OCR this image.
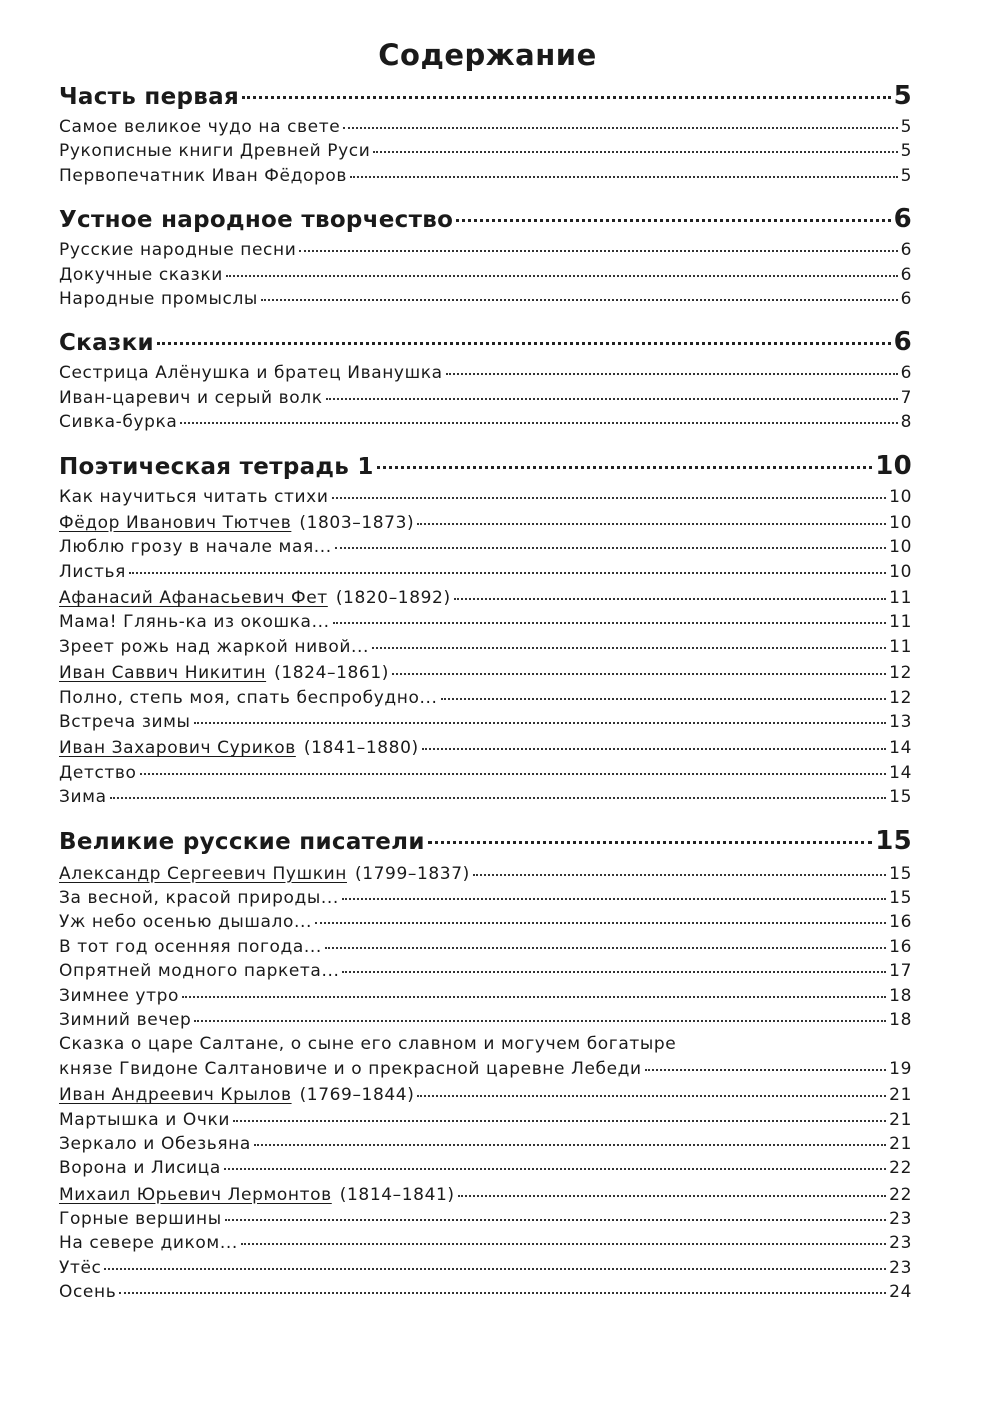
Содержание
Часть первая	5
Самое великое чудо на свете	5
Рукописные книги Древней Руси	5
Первопечатник Иван Фёдоров	5
Устное народное творчество	6
Русские народные песни	6
Докучные сказки	6
Народные промыслы	6
Сказки	6
Сестрица Алёнушка и братец Иванушка	6
Иван-царевич и серый волк	7
Сивка-бурка	8
Поэтическая тетрадь 1	10
Как научиться читать стихи	10
Фёдор Иванович Тютчев (1803–1873)	10
Люблю грозу в начале мая...	10
Листья	10
Афанасий Афанасьевич Фет (1820–1892)	11
Мама! Глянь-ка из окошка...	11
Зреет рожь над жаркой нивой...	11
Иван Саввич Никитин (1824–1861)	12
Полно, степь моя, спать беспробудно...	12
Встреча зимы	13
Иван Захарович Суриков (1841–1880)	14
Детство	14
Зима	15
Великие русские писатели	15
Александр Сергеевич Пушкин (1799–1837)	15
За весной, красой природы...	15
Уж небо осенью дышало...	16
В тот год осенняя погода...	16
Опрятней модного паркета...	17
Зимнее утро	18
Зимний вечер	18
Сказка о царе Салтане, о сыне его славном и могучем богатыре
князе Гвидоне Салтановиче и о прекрасной царевне Лебеди	19
Иван Андреевич Крылов (1769–1844)	21
Мартышка и Очки	21
Зеркало и Обезьяна	21
Ворона и Лисица	22
Михаил Юрьевич Лермонтов (1814–1841)	22
Горные вершины	23
На севере диком...	23
Утёс	23
Осень	24
